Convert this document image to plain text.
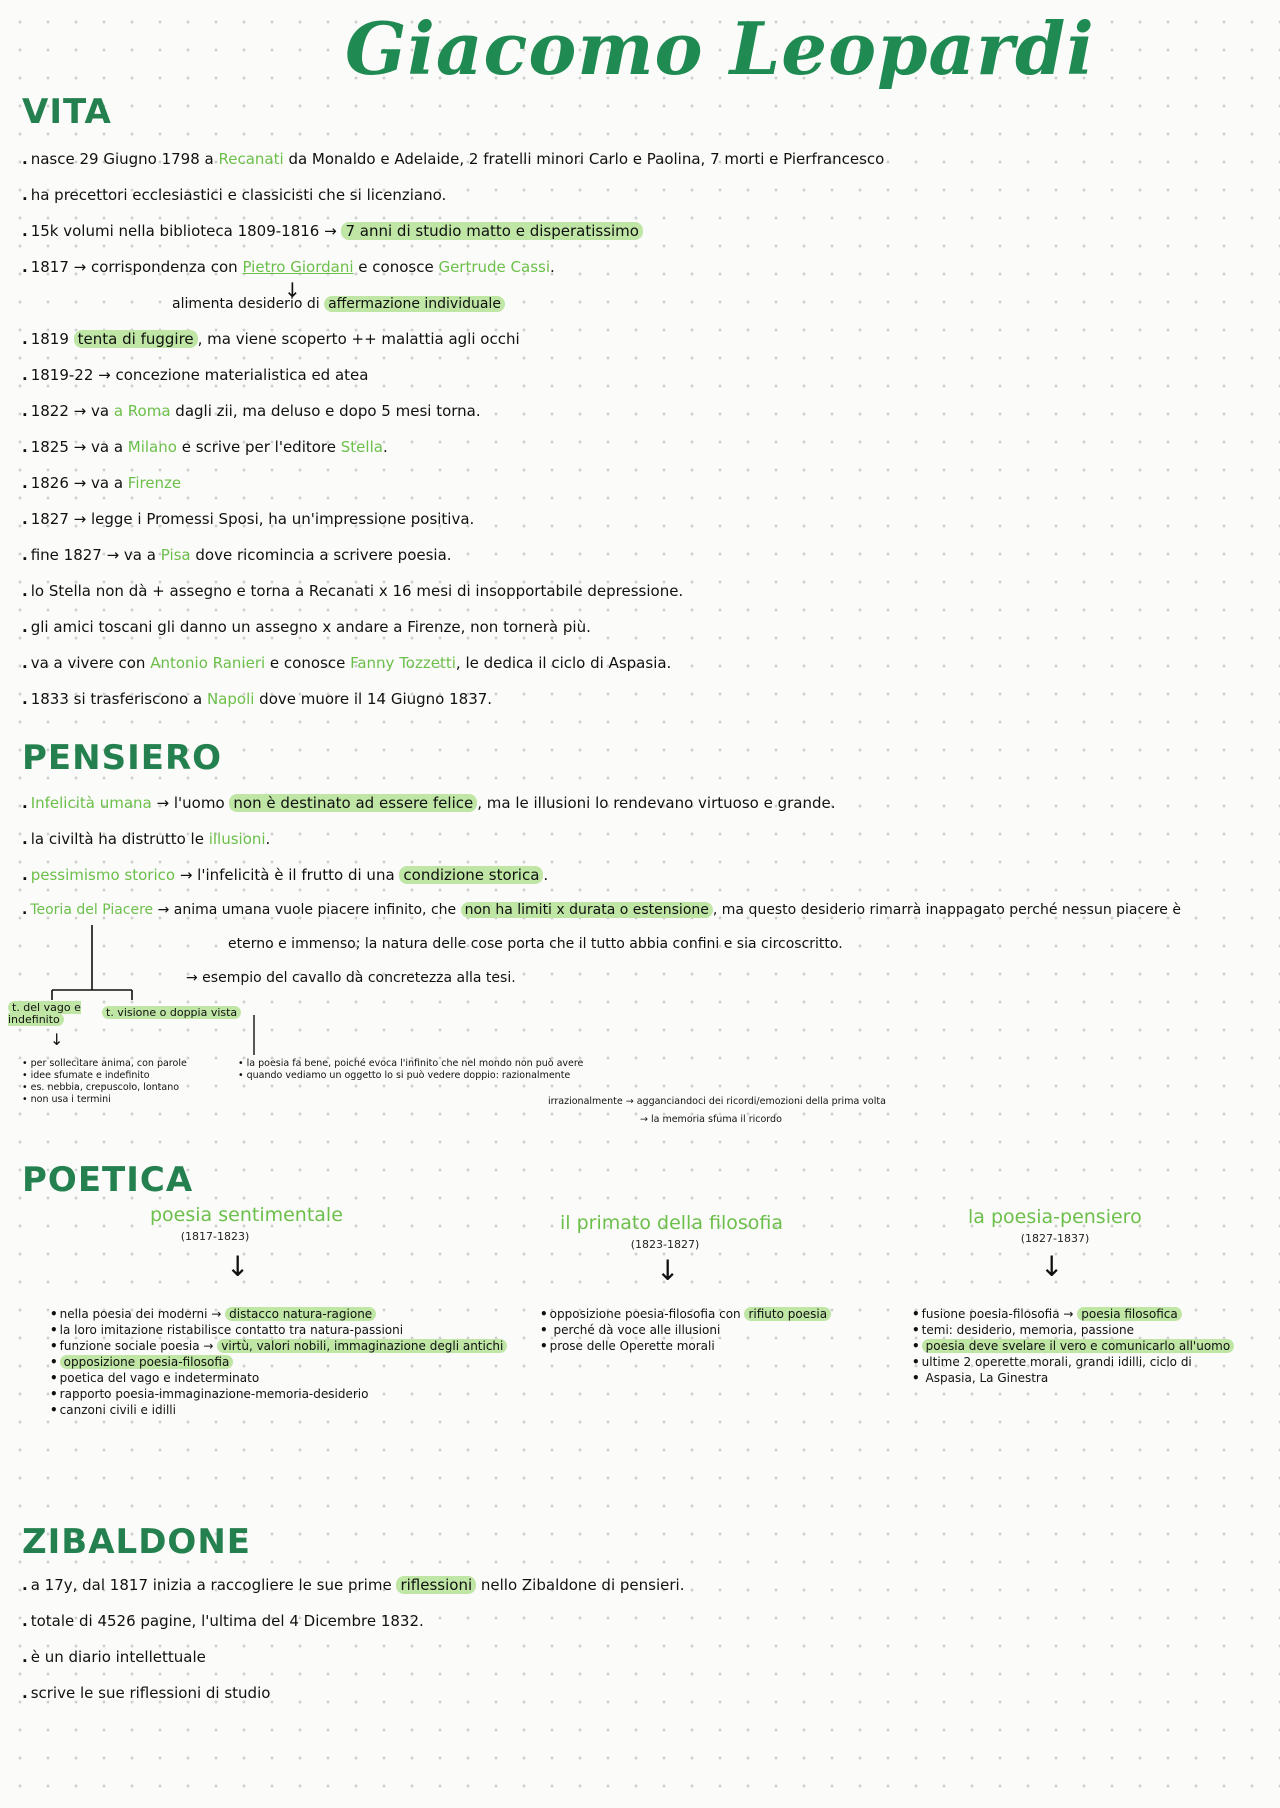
Giacomo Leopardi
VITA

. nasce 29 Giugno 1798 a Recanati da Monaldo e Adelaide, 2 fratelli minori Carlo e Paolina, 7 morti e Pierfrancesco

. ha precettori ecclesiastici e classicisti che si licenziano.

. 15k volumi nella biblioteca 1809-1816 → 7 anni di studio matto e disperatissimo

. 1817 → corrispondenza con Pietro Giordani e conosce Gertrude Cassi.

↓

alimenta desiderio di affermazione individuale

. 1819 tenta di fuggire , ma viene scoperto ++ malattia agli occhi

. 1819-22 → concezione materialistica ed atea

. 1822 → va a Roma dagli zii, ma deluso e dopo 5 mesi torna.

. 1825 → va a Milano e scrive per l'editore Stella.

. 1826 → va a Firenze

. 1827 → legge i Promessi Sposi, ha un'impressione positiva.

. fine 1827 → va a Pisa dove ricomincia a scrivere poesia.

. lo Stella non dà + assegno e torna a Recanati x 16 mesi di insopportabile depressione.

. gli amici toscani gli danno un assegno x andare a Firenze, non tornerà più.

. va a vivere con Antonio Ranieri e conosce Fanny Tozzetti, le dedica il ciclo di Aspasia.

. 1833 si trasferiscono a Napoli dove muore il 14 Giugno 1837.

PENSIERO

. Infelicità umana → l'uomo non è destinato ad essere felice , ma le illusioni lo rendevano virtuoso e grande.

. la civiltà ha distrutto le illusioni.

. pessimismo storico → l'infelicità è il frutto di una condizione storica .

. Teoria del Piacere → anima umana vuole piacere infinito, che non ha limiti x durata o estensione , ma questo desiderio rimarrà inappagato perché nessun piacere è

eterno e immenso; la natura delle cose porta che il tutto abbia confini e sia circoscritto.

→ esempio del cavallo dà concretezza alla tesi.

t. del vago e indefinito

t. visione o doppia vista

↓
• per sollecitare anima, con parole
• idee sfumate e indefinito
• es. nebbia, crepuscolo, lontano
• non usa i termini
• la poesia fa bene, poiché evoca l'infinito che nel mondo non può avere
• quando vediamo un oggetto lo si può vedere doppio: razionalmente

irrazionalmente → agganciandoci dei ricordi/emozioni della prima volta

→ la memoria sfuma il ricordo

POETICA

poesia sentimentale

(1817-1823)

↓
• nella poesia dei moderni → distacco natura-ragione
• la loro imitazione ristabilisce contatto tra natura-passioni
• funzione sociale poesia → virtù, valori nobili, immaginazione degli antichi
• opposizione poesia-filosofia
• poetica del vago e indeterminato
• rapporto poesia-immaginazione-memoria-desiderio
• canzoni civili e idilli

il primato della filosofia

(1823-1827)

↓
• opposizione poesia-filosofia con rifiuto poesia
• perché dà voce alle illusioni
• prose delle Operette morali

la poesia-pensiero

(1827-1837)

↓
• fusione poesia-filosofia → poesia filosofica
• temi: desiderio, memoria, passione
• poesia deve svelare il vero e comunicarlo all'uomo
• ultime 2 operette morali, grandi idilli, ciclo di
• Aspasia, La Ginestra
ZIBALDONE

. a 17y, dal 1817 inizia a raccogliere le sue prime riflessioni nello Zibaldone di pensieri.

. totale di 4526 pagine, l'ultima del 4 Dicembre 1832.

. è un diario intellettuale

. scrive le sue riflessioni di studio
